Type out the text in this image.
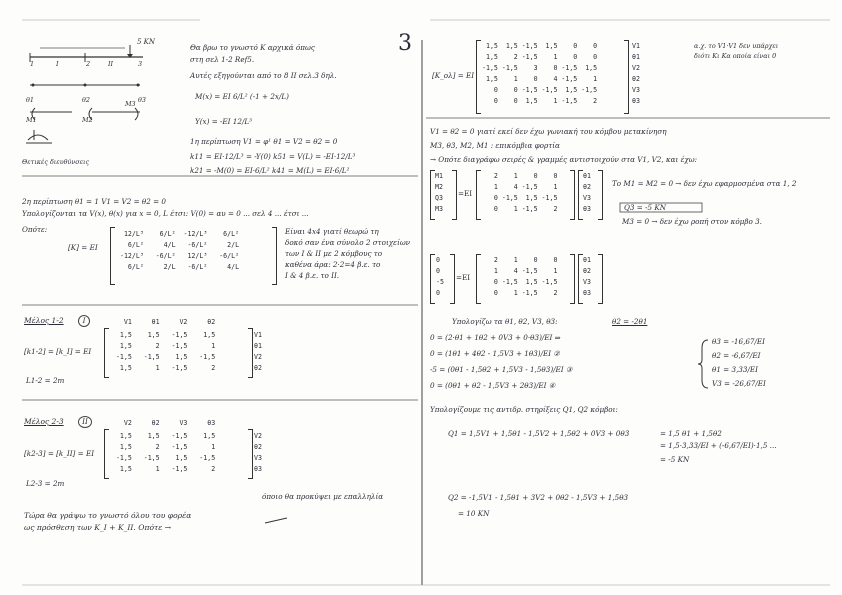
5 KN
1	2	3
I	II
θ1	θ2	θ3
M1	M2
M3
Θετικές διευθύνσεις
Θα βρω το γνωστό K αρχικά όπως
στη σελ 1-2 Ref5.
Αυτές εξηγούνται από το 8 II σελ.3 δηλ.
M(x) = EI 6/L² (-1 + 2x/L)
Y(x) = -EI 12/L³
1η περίπτωση V1 = φ¹ θ1 = V2 = θ2 = 0
k11 = EI·12/L³ = -Y(0) k51 = V(L) = -EI·12/L³
k21 = -M(0) = EI·6/L² k41 = M(L) = EI·6/L²
2η περίπτωση θ1 = 1 V1 = V2 = θ2 = 0
Υπολογίζονται τα V(x), θ(x) για x = 0, L έτσι: V(0) = αυ = 0 ... σελ 4 ... έτσι ...
Οπότε:
[K] = EI
12/L³    6/L²  -12/L³    6/L²
6/L²     4/L   -6/L²     2/L
-12/L³   -6/L²   12/L³   -6/L²
6/L²     2/L   -6/L²     4/L
Είναι 4x4 γιατί θεωρώ τη
δοκό σαν ένα σύνολο 2 στοιχείων
των I & II με 2 κόμβους το
καθένα άρα: 2·2=4 β.ε. το
I & 4 β.ε. το II.
Μέλος 1-2	I
[k1-2] = [k_I] = EI
L1-2 = 2m
V1     θ1     V2     θ2
1,5    1,5   -1,5    1,5
1,5      2   -1,5      1
-1,5   -1,5    1,5   -1,5
1,5      1   -1,5      2
V1
θ1
V2
θ2
Μέλος 2-3	II
[k2-3] = [k_II] = EI
L2-3 = 2m
V2     θ2     V3     θ3
1,5    1,5   -1,5    1,5
1,5      2   -1,5      1
-1,5   -1,5    1,5   -1,5
1,5      1   -1,5      2
V2
θ2
V3
θ3
όποιο θα προκύψει με επαλληλία
Τώρα θα γράψω το γνωστό όλου του φορέα
ως πρόσθεση των K_I + K_II. Οπότε →
3
[K_ολ] = EI
1,5  1,5 -1,5  1,5    0    0
1,5    2 -1,5    1    0    0
-1,5 -1,5    3    0 -1,5  1,5
1,5    1    0    4 -1,5    1
0    0 -1,5 -1,5  1,5 -1,5
0    0  1,5    1 -1,5    2
V1
θ1
V2
θ2
V3
θ3
α.χ. το V1·V1 δεν υπάρχει
διότι Kι Kα οποία είναι 0
V1 = θ2 = 0 γιατί εκεί δεν έχω γωνιακή του κόμβου μετακίνηση
M3, θ3, M2, M1 : επικόμβια φορτία
→ Οπότε διαγράφω σειρές & γραμμές αντιστοιχούν στα V1, V2, και έχω:
M1
M2
Q3
M3
=EI
2    1    0    0
1    4 -1,5    1
0 -1,5  1,5 -1,5
0    1 -1,5    2
θ1
θ2
V3
θ3
Το M1 = M2 = 0 → δεν έχω εφαρμοσμένα στα 1, 2
Q3 = -5 KN
M3 = 0 → δεν έχω ροπή στον κόμβο 3.
0
0
-5
0
=EI
2    1    0    0
1    4 -1,5    1
0 -1,5  1,5 -1,5
0    1 -1,5    2
θ1
θ2
V3
θ3
Υπολογίζω τα θ1, θ2, V3, θ3:	θ2 = -2θ1
0 = (2·θ1 + 1θ2 + 0V3 + 0·θ3)/EI ⇒
0 = (1θ1 + 4θ2 - 1,5V3 + 1θ3)/EI ②
-5 = (0θ1 - 1,5θ2 + 1,5V3 - 1,5θ3)/EI ③
0 = (0θ1 + θ2 - 1,5V3 + 2θ3)/EI ④
θ3 = -16,67/EI
θ2 = -6,67/EI
θ1 = 3,33/EI
V3 = -26,67/EI
Υπολογίζουμε τις αντιδρ. στηρίξεις Q1, Q2 κόμβοι:
Q1 = 1,5V1 + 1,5θ1 - 1,5V2 + 1,5θ2 + 0V3 + 0θ3	= 1,5 θ1 + 1,5θ2
= 1,5·3,33/EI + (-6,67/EI)·1,5 ...
= -5 KN
Q2 = -1,5V1 - 1,5θ1 + 3V2 + 0θ2 - 1,5V3 + 1,5θ3
= 10 KN
